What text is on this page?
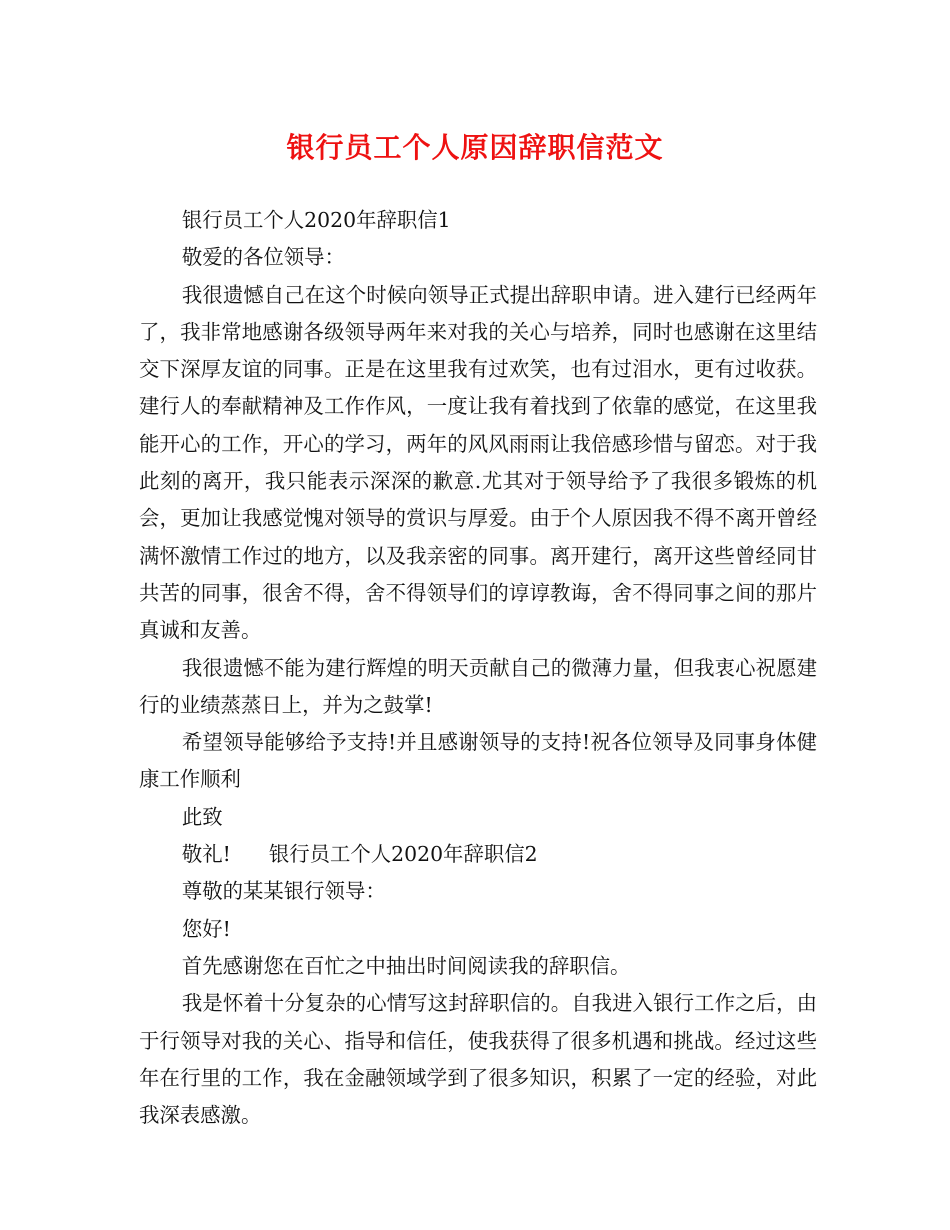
银行员工个人原因辞职信范文

银行员工个人2020年辞职信1

敬爱的各位领导：

我很遗憾自己在这个时候向领导正式提出辞职申请。进入建行已经两年了，我非常地感谢各级领导两年来对我的关心与培养，同时也感谢在这里结交下深厚友谊的同事。正是在这里我有过欢笑，也有过泪水，更有过收获。建行人的奉献精神及工作作风，一度让我有着找到了依靠的感觉，在这里我能开心的工作，开心的学习，两年的风风雨雨让我倍感珍惜与留恋。对于我此刻的离开，我只能表示深深的歉意.尤其对于领导给予了我很多锻炼的机会，更加让我感觉愧对领导的赏识与厚爱。由于个人原因我不得不离开曾经满怀激情工作过的地方，以及我亲密的同事。离开建行，离开这些曾经同甘共苦的同事，很舍不得，舍不得领导们的谆谆教诲，舍不得同事之间的那片真诚和友善。

我很遗憾不能为建行辉煌的明天贡献自己的微薄力量，但我衷心祝愿建行的业绩蒸蒸日上，并为之鼓掌!

希望领导能够给予支持!并且感谢领导的支持!祝各位领导及同事身体健康工作顺利

此致

敬礼! 银行员工个人2020年辞职信2

尊敬的某某银行领导：

您好!

首先感谢您在百忙之中抽出时间阅读我的辞职信。

我是怀着十分复杂的心情写这封辞职信的。自我进入银行工作之后，由于行领导对我的关心、指导和信任，使我获得了很多机遇和挑战。经过这些年在行里的工作，我在金融领域学到了很多知识，积累了一定的经验，对此我深表感激。
